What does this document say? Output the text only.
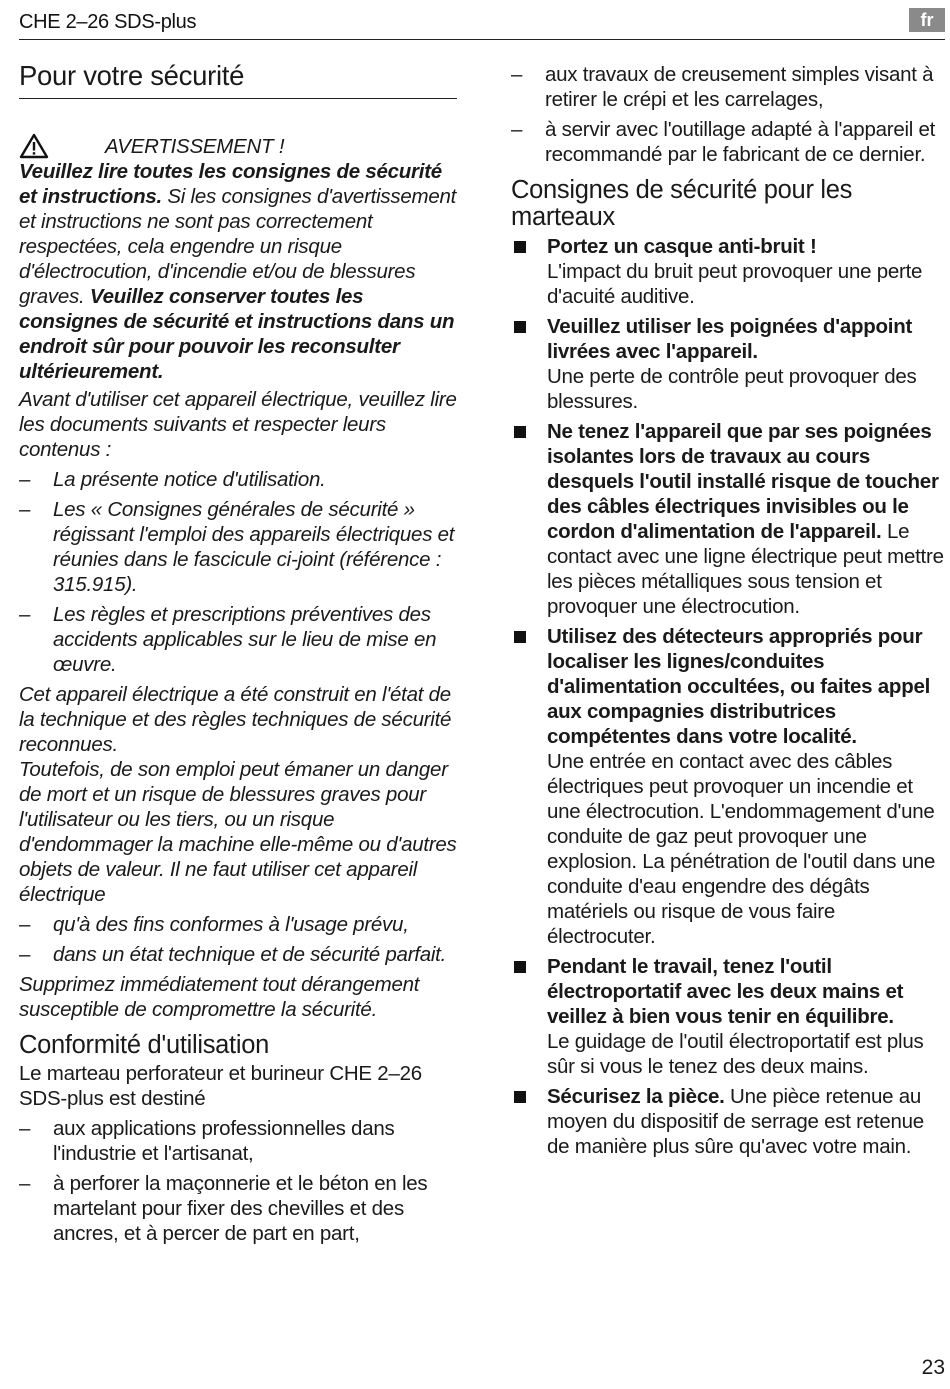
CHE 2–26 SDS-plus	fr
Pour votre sécurité
AVERTISSEMENT !

Veuillez lire toutes les consignes de sécurité et instructions. Si les consignes d'avertissement et instructions ne sont pas correctement respectées, cela engendre un risque d'électrocution, d'incendie et/ou de blessures graves. Veuillez conserver toutes les consignes de sécurité et instructions dans un endroit sûr pour pouvoir les reconsulter ultérieurement.

Avant d'utiliser cet appareil électrique, veuillez lire les documents suivants et respecter leurs contenus :

–	La présente notice d'utilisation.
–	Les « Consignes générales de sécurité » régissant l'emploi des appareils électriques et réunies dans le fascicule ci-joint (référence : 315.915).
–	Les règles et prescriptions préventives des accidents applicables sur le lieu de mise en œuvre.

Cet appareil électrique a été construit en l'état de la technique et des règles techniques de sécurité reconnues.

Toutefois, de son emploi peut émaner un danger de mort et un risque de blessures graves pour l'utilisateur ou les tiers, ou un risque d'endommager la machine elle-même ou d'autres objets de valeur. Il ne faut utiliser cet appareil électrique

–	qu'à des fins conformes à l'usage prévu,
–	dans un état technique et de sécurité parfait.

Supprimez immédiatement tout dérangement susceptible de compromettre la sécurité.

Conformité d'utilisation

Le marteau perforateur et burineur CHE 2–26 SDS-plus est destiné

–	aux applications professionnelles dans l'industrie et l'artisanat,
–	à perforer la maçonnerie et le béton en les martelant pour fixer des chevilles et des ancres, et à percer de part en part,
–	aux travaux de creusement simples visant à retirer le crépi et les carrelages,
–	à servir avec l'outillage adapté à l'appareil et recommandé par le fabricant de ce dernier.
Consignes de sécurité pour les marteaux
Portez un casque anti-bruit !
L'impact du bruit peut provoquer une perte d'acuité auditive.
Veuillez utiliser les poignées d'appoint livrées avec l'appareil.
Une perte de contrôle peut provoquer des blessures.
Ne tenez l'appareil que par ses poignées isolantes lors de travaux au cours desquels l'outil installé risque de toucher des câbles électriques invisibles ou le cordon d'alimentation de l'appareil. Le contact avec une ligne électrique peut mettre les pièces métalliques sous tension et provoquer une électrocution.
Utilisez des détecteurs appropriés pour localiser les lignes/conduites d'alimentation occultées, ou faites appel aux compagnies distributrices compétentes dans votre localité.
Une entrée en contact avec des câbles électriques peut provoquer un incendie et une électrocution. L'endommagement d'une conduite de gaz peut provoquer une explosion. La pénétration de l'outil dans une conduite d'eau engendre des dégâts matériels ou risque de vous faire électrocuter.
Pendant le travail, tenez l'outil électroportatif avec les deux mains et veillez à bien vous tenir en équilibre.
Le guidage de l'outil électroportatif est plus sûr si vous le tenez des deux mains.
Sécurisez la pièce. Une pièce retenue au moyen du dispositif de serrage est retenue de manière plus sûre qu'avec votre main.
23
